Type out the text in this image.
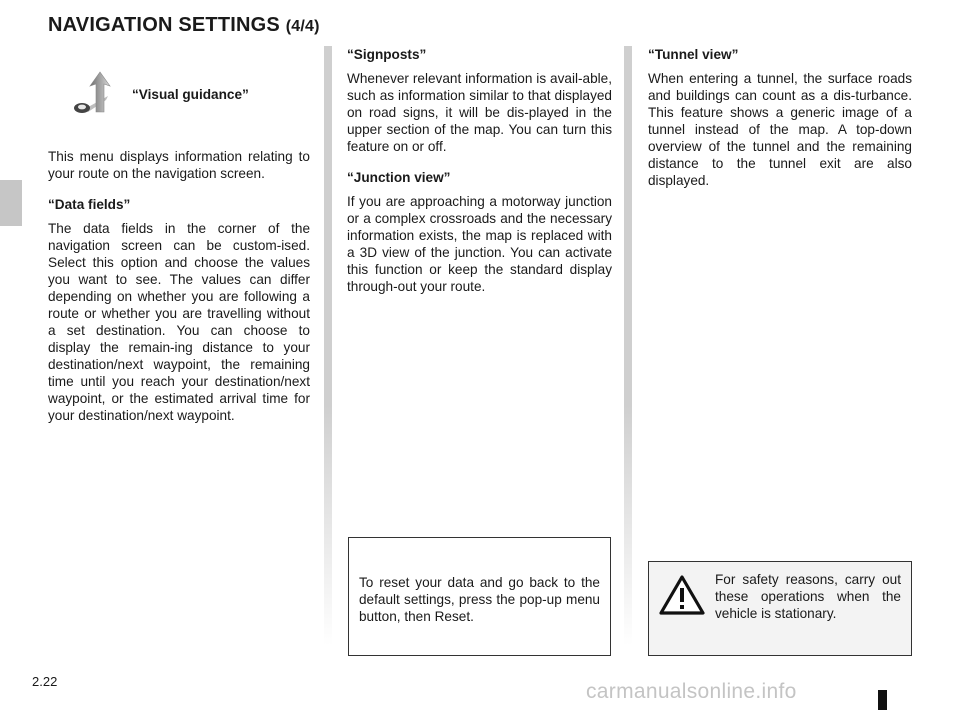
NAVIGATION SETTINGS (4/4)
“Visual guidance”

This menu displays information relating to your route on the navigation screen.

“Data fields”

The data fields in the corner of the navigation screen can be custom-ised. Select this option and choose the values you want to see. The values can differ depending on whether you are following a route or whether you are travelling without a set destination. You can choose to display the remain-ing distance to your destination/next waypoint, the remaining time until you reach your destination/next waypoint, or the estimated arrival time for your destination/next waypoint.

“Signposts”

Whenever relevant information is avail-able, such as information similar to that displayed on road signs, it will be dis-played in the upper section of the map. You can turn this feature on or off.

“Junction view”

If you are approaching a motorway junction or a complex crossroads and the necessary information exists, the map is replaced with a 3D view of the junction. You can activate this function or keep the standard display through-out your route.

“Tunnel view”

When entering a tunnel, the surface roads and buildings can count as a dis-turbance. This feature shows a generic image of a tunnel instead of the map. A top-down overview of the tunnel and the remaining distance to the tunnel exit are also displayed.

To reset your data and go back to the default settings, press the pop-up menu button, then Reset.

For safety reasons, carry out these operations when the vehicle is stationary.

2.22	carmanualsonline.info
